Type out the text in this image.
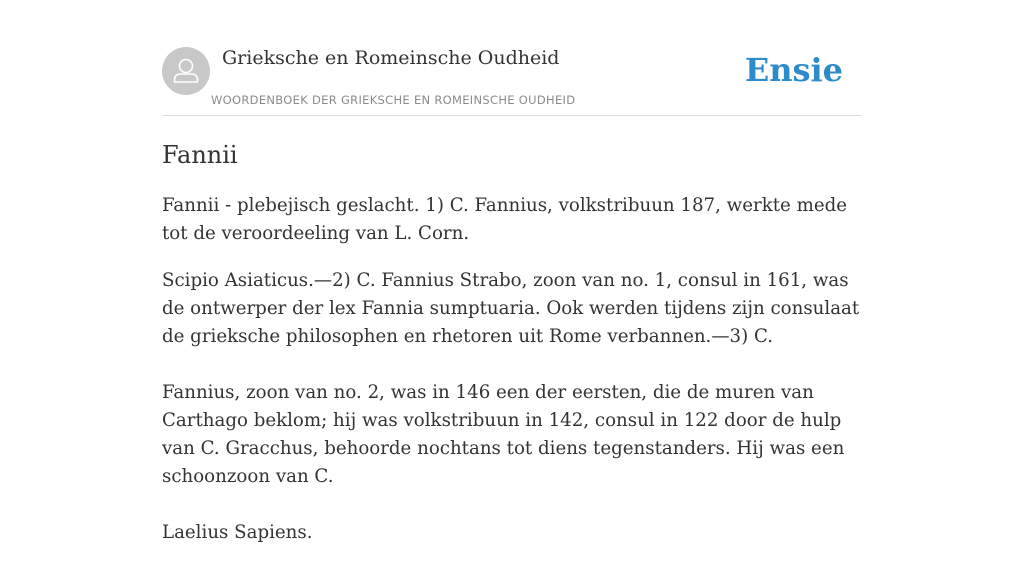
Grieksche en Romeinsche Oudheid
WOORDENBOEK DER GRIEKSCHE EN ROMEINSCHE OUDHEID
Ensie
Fannii

Fannii - plebejisch geslacht. 1) C. Fannius, volkstribuun 187, werkte mede tot de veroordeeling van L. Corn.

Scipio Asiaticus.—2) C. Fannius Strabo, zoon van no. 1, consul in 161, was de ontwerper der lex Fannia sumptuaria. Ook werden tijdens zijn consulaat de grieksche philosophen en rhetoren uit Rome verbannen.—3) C.

Fannius, zoon van no. 2, was in 146 een der eersten, die de muren van Carthago beklom; hij was volkstribuun in 142, consul in 122 door de hulp van C. Gracchus, behoorde nochtans tot diens tegenstanders. Hij was een schoonzoon van C.

Laelius Sapiens.
